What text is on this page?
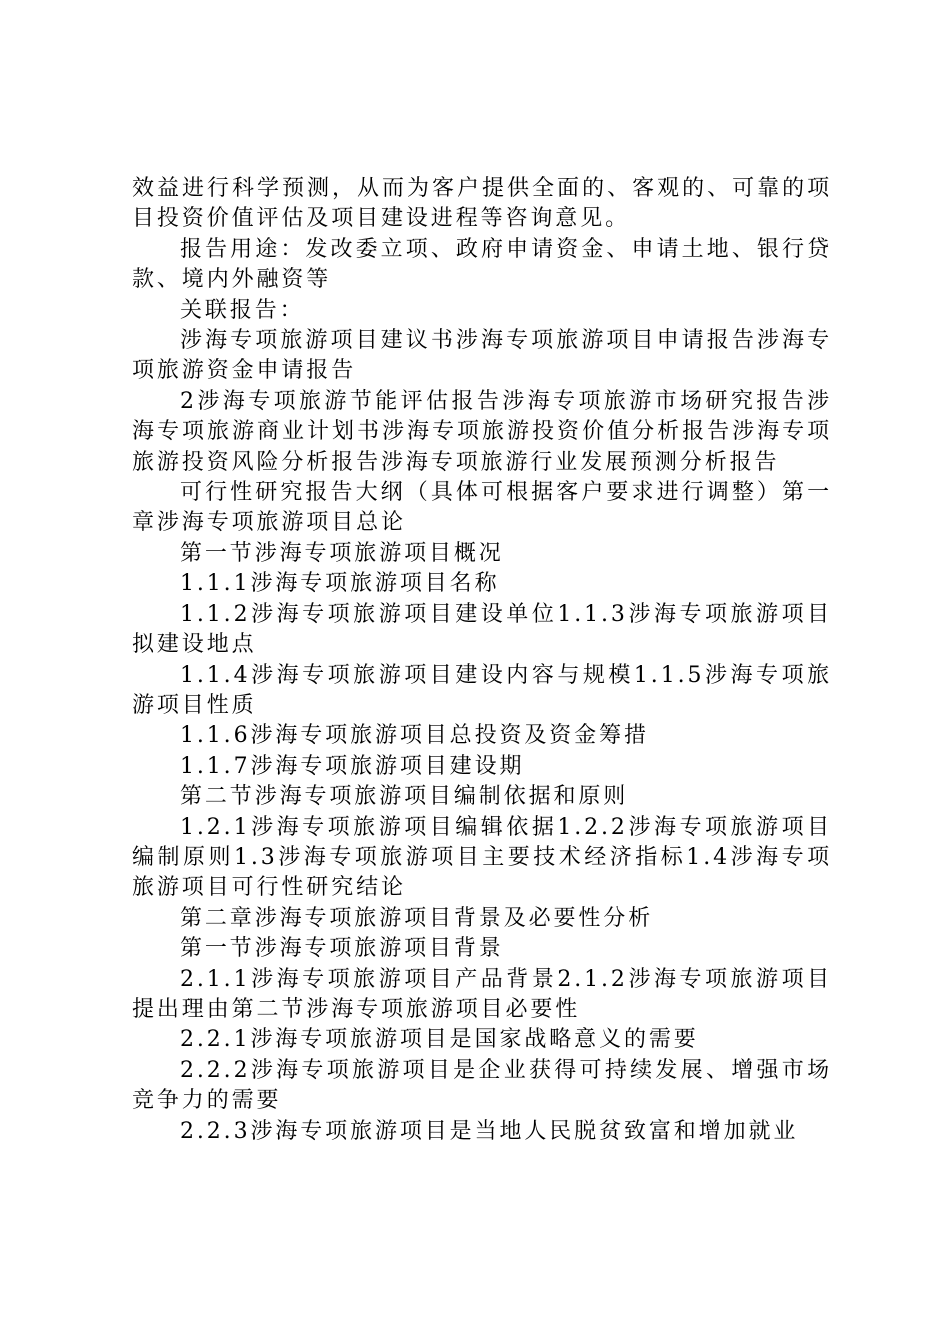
效益进行科学预测，从而为客户提供全面的、客观的、可靠的项目投资价值评估及项目建设进程等咨询意见。

报告用途：发改委立项、政府申请资金、申请土地、银行贷款、境内外融资等

关联报告：

涉海专项旅游项目建议书涉海专项旅游项目申请报告涉海专项旅游资金申请报告

2涉海专项旅游节能评估报告涉海专项旅游市场研究报告涉海专项旅游商业计划书涉海专项旅游投资价值分析报告涉海专项旅游投资风险分析报告涉海专项旅游行业发展预测分析报告

可行性研究报告大纲（具体可根据客户要求进行调整）第一章涉海专项旅游项目总论

第一节涉海专项旅游项目概况

1.1.1涉海专项旅游项目名称

1.1.2涉海专项旅游项目建设单位1.1.3涉海专项旅游项目拟建设地点

1.1.4涉海专项旅游项目建设内容与规模1.1.5涉海专项旅游项目性质

1.1.6涉海专项旅游项目总投资及资金筹措

1.1.7涉海专项旅游项目建设期

第二节涉海专项旅游项目编制依据和原则

1.2.1涉海专项旅游项目编辑依据1.2.2涉海专项旅游项目编制原则1.3涉海专项旅游项目主要技术经济指标1.4涉海专项旅游项目可行性研究结论

第二章涉海专项旅游项目背景及必要性分析

第一节涉海专项旅游项目背景

2.1.1涉海专项旅游项目产品背景2.1.2涉海专项旅游项目提出理由第二节涉海专项旅游项目必要性

2.2.1涉海专项旅游项目是国家战略意义的需要

2.2.2涉海专项旅游项目是企业获得可持续发展、增强市场竞争力的需要

2.2.3涉海专项旅游项目是当地人民脱贫致富和增加就业
